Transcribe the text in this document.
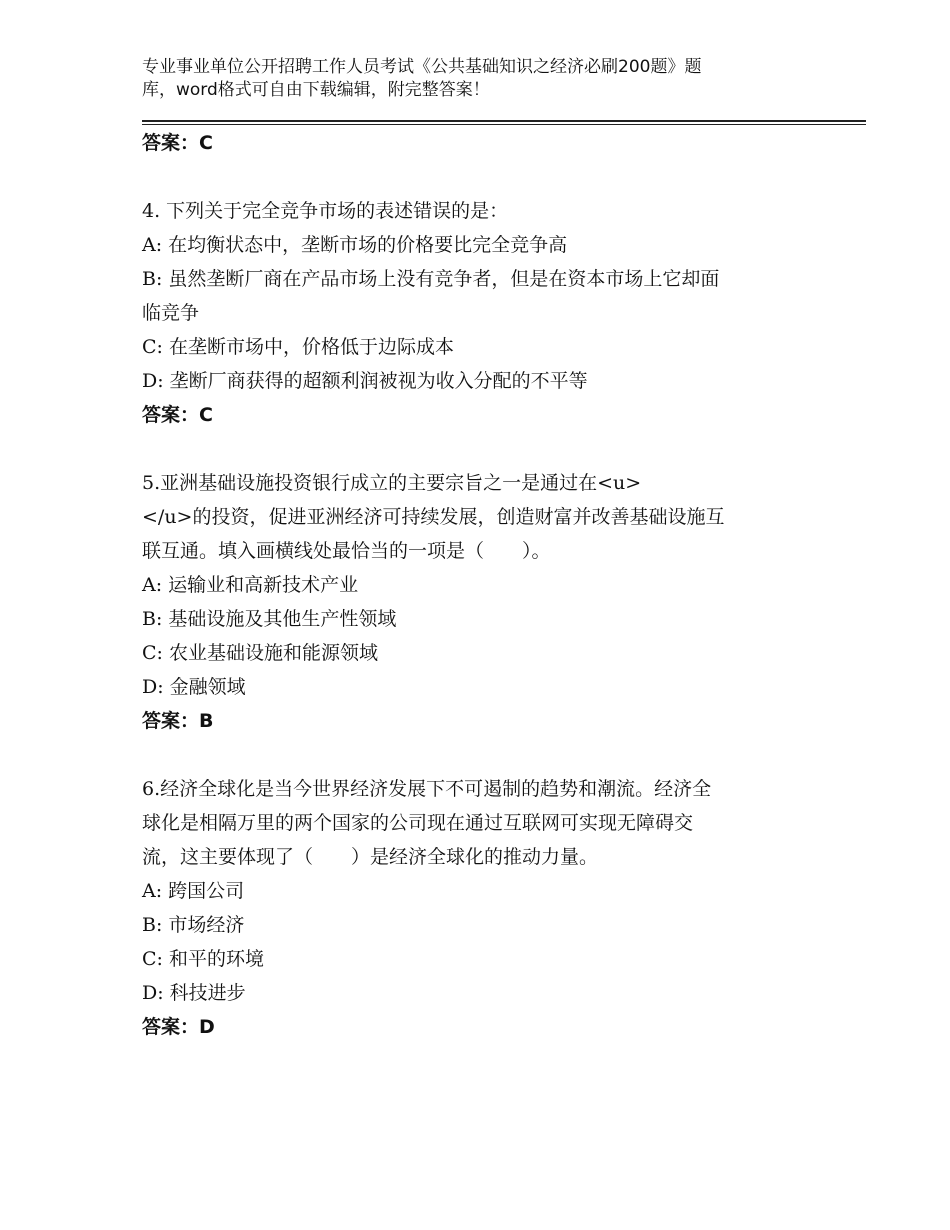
专业事业单位公开招聘工作人员考试《公共基础知识之经济必刷200题》题
库，word格式可自由下载编辑，附完整答案！

答案：C

4. 下列关于完全竞争市场的表述错误的是：

A: 在均衡状态中，垄断市场的价格要比完全竞争高

B: 虽然垄断厂商在产品市场上没有竞争者，但是在资本市场上它却面

临竞争

C: 在垄断市场中，价格低于边际成本

D: 垄断厂商获得的超额利润被视为收入分配的不平等

答案：C

5.亚洲基础设施投资银行成立的主要宗旨之一是通过在<u>

</u>的投资，促进亚洲经济可持续发展，创造财富并改善基础设施互

联互通。填入画横线处最恰当的一项是（　　）。

A: 运输业和高新技术产业

B: 基础设施及其他生产性领域

C: 农业基础设施和能源领域

D: 金融领域

答案：B

6.经济全球化是当今世界经济发展下不可遏制的趋势和潮流。经济全

球化是相隔万里的两个国家的公司现在通过互联网可实现无障碍交

流，这主要体现了（　　）是经济全球化的推动力量。

A: 跨国公司

B: 市场经济

C: 和平的环境

D: 科技进步

答案：D
